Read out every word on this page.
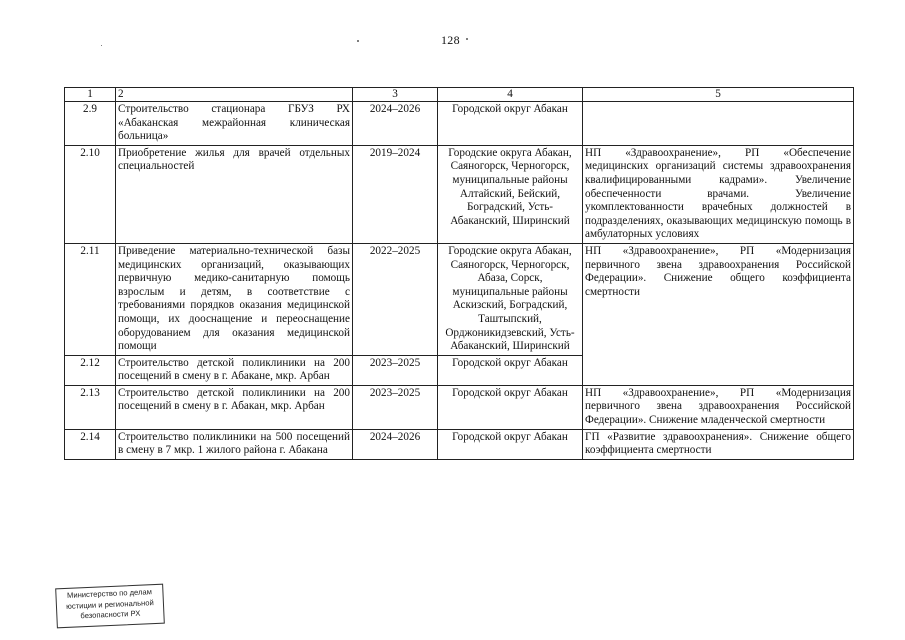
128
1	2	3	4	5
2.9	Строительство стационара ГБУЗ РХ «Абаканская межрайонная клиническая больница»	2024–2026	Городской округ Абакан	
2.10	Приобретение жилья для врачей отдельных специальностей	2019–2024	Городские округа Абакан, Саяногорск, Черногорск, муниципальные районы Алтайский, Бейский, Боградский, Усть-Абаканский, Ширинский	НП «Здравоохранение», РП «Обеспечение медицинских организаций системы здравоохранения квалифицированными кадрами». Увеличение обеспеченности врачами. Увеличение укомплектованности врачебных должностей в подразделениях, оказывающих медицинскую помощь в амбулаторных условиях
2.11	Приведение материально-технической базы медицинских организаций, оказывающих первичную медико-санитарную помощь взрослым и детям, в соответствие с требованиями порядков оказания медицинской помощи, их дооснащение и переоснащение оборудованием для оказания медицинской помощи	2022–2025	Городские округа Абакан, Саяногорск, Черногорск, Абаза, Сорск, муниципальные районы Аскизский, Боградский, Таштыпский, Орджоникидзевский, Усть-Абаканский, Ширинский	НП «Здравоохранение», РП «Модернизация первичного звена здравоохранения Российской Федерации». Снижение общего коэффициента смертности
2.12	Строительство детской поликлиники на 200 посещений в смену в г. Абакане, мкр. Арбан	2023–2025	Городской округ Абакан	
2.13	Строительство детской поликлиники на 200 посещений в смену в г. Абакан, мкр. Арбан	2023–2025	Городской округ Абакан	НП «Здравоохранение», РП «Модернизация первичного звена здравоохранения Российской Федерации». Снижение младенческой смертности
2.14	Строительство поликлиники на 500 посещений в смену в 7 мкр. 1 жилого района г. Абакана	2024–2026	Городской округ Абакан	ГП «Развитие здравоохранения». Снижение общего коэффициента смертности
Министерство по делам
юстиции и региональной
безопасности РХ
